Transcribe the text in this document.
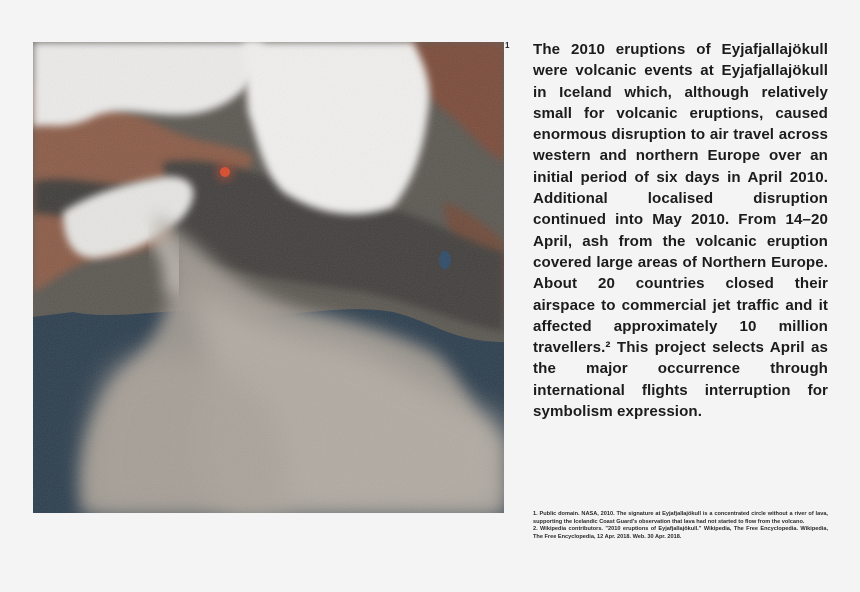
1 The 2010 eruptions of Eyjafjallajökull were volcanic events at Eyjafjallajökull in Iceland which, although relatively small for volcanic eruptions, caused enormous disruption to air travel across western and northern Europe over an initial period of six days in April 2010. Additional localised disruption continued into May 2010. From 14–20 April, ash from the volcanic eruption covered large areas of Northern Europe. About 20 countries closed their airspace to commercial jet traffic and it affected approximately 10 million travellers.² This project selects April as the major occurrence through international flights interruption for symbolism expression.

1. Public domain. NASA, 2010. The signature at Eyjafjallajökull is a concentrated circle without a river of lava, supporting the Icelandic Coast Guard's observation that lava had not started to flow from the volcano.

2. Wikipedia contributors. "2010 eruptions of Eyjafjallajökull." Wikipedia, The Free Encyclopedia. Wikipedia, The Free Encyclopedia, 12 Apr. 2018. Web. 30 Apr. 2018.
